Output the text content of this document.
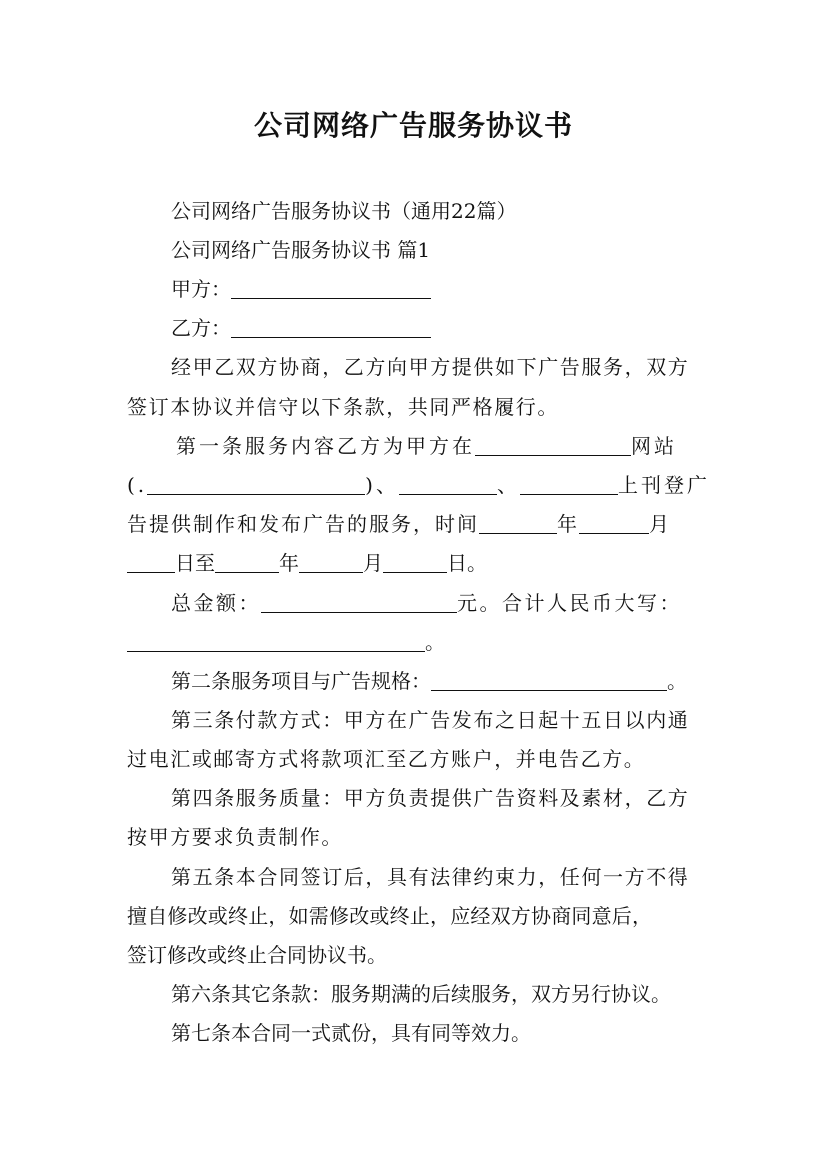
公司网络广告服务协议书
公司网络广告服务协议书（通用22篇）
公司网络广告服务协议书 篇1
甲方：
乙方：
经甲乙双方协商，乙方向甲方提供如下广告服务，双方
签订本协议并信守以下条款，共同严格履行。
第一条服务内容乙方为甲方在	网站
(.	)、	、	上刊登广
告提供制作和发布广告的服务，时间	年	月
日至	年	月	日。
总金额：	元。合计人民币大写：
。
第二条服务项目与广告规格：	。
第三条付款方式：甲方在广告发布之日起十五日以内通
过电汇或邮寄方式将款项汇至乙方账户，并电告乙方。
第四条服务质量：甲方负责提供广告资料及素材，乙方
按甲方要求负责制作。
第五条本合同签订后，具有法律约束力，任何一方不得
擅自修改或终止，如需修改或终止，应经双方协商同意后，
签订修改或终止合同协议书。
第六条其它条款：服务期满的后续服务，双方另行协议。
第七条本合同一式贰份，具有同等效力。
